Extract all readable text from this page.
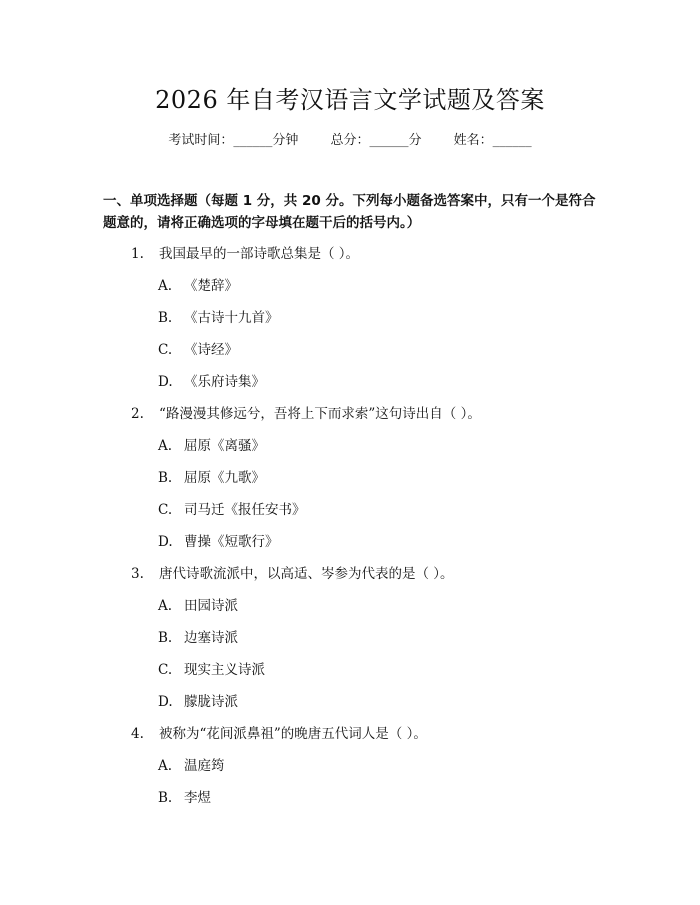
2026 年自考汉语言文学试题及答案
考试时间：______分钟 总分：______分 姓名：______
一、单项选择题（每题 1 分，共 20 分。下列每小题备选答案中，只有一个是符合题意的，请将正确选项的字母填在题干后的括号内。）
1. 我国最早的一部诗歌总集是（ ）。
A. 《楚辞》
B. 《古诗十九首》
C. 《诗经》
D. 《乐府诗集》
2. “路漫漫其修远兮，吾将上下而求索”这句诗出自（ ）。
A. 屈原《离骚》
B. 屈原《九歌》
C. 司马迁《报任安书》
D. 曹操《短歌行》
3. 唐代诗歌流派中，以高适、岑参为代表的是（ ）。
A. 田园诗派
B. 边塞诗派
C. 现实主义诗派
D. 朦胧诗派
4. 被称为“花间派鼻祖”的晚唐五代词人是（ ）。
A. 温庭筠
B. 李煜
